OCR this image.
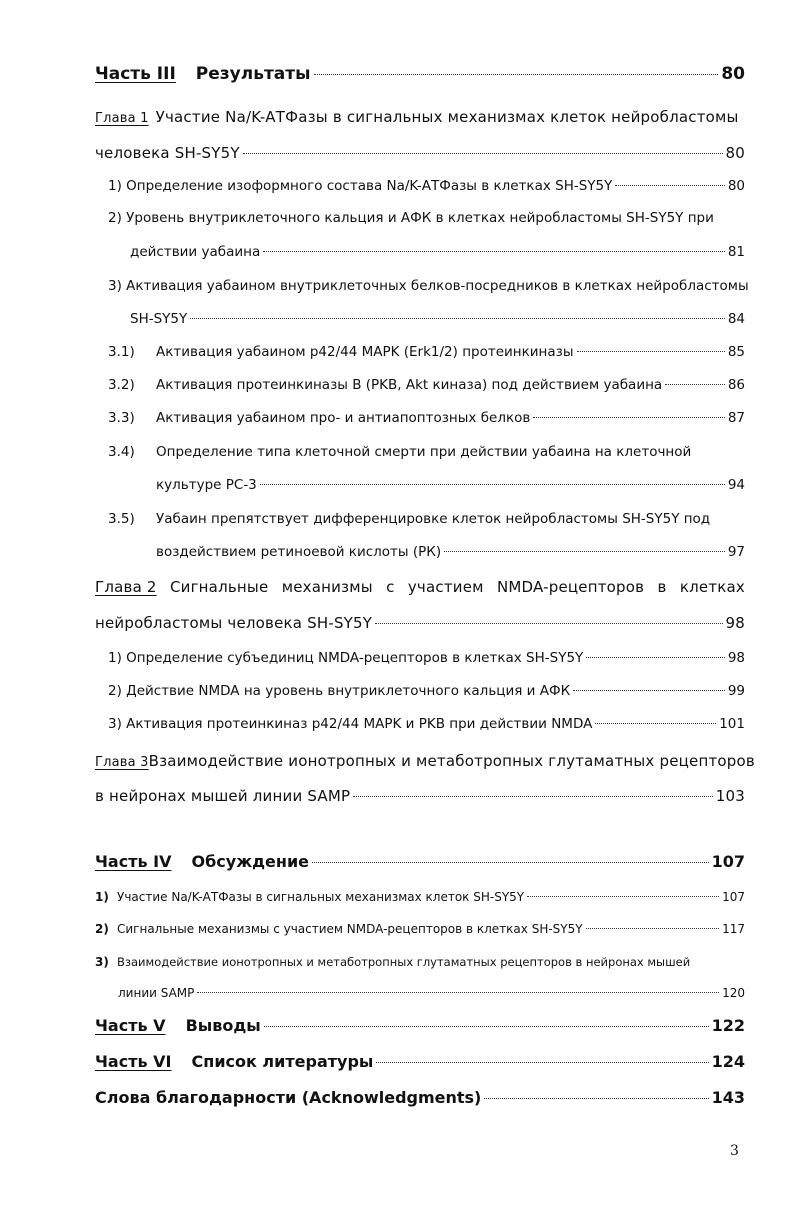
Часть III Результаты	80
Глава 1 Участие Na/K-АТФазы в сигнальных механизмах клеток нейробластомы
человека SH-SY5Y	80
1) Определение изоформного состава Na/K-АТФазы в клетках SH-SY5Y	80
2) Уровень внутриклеточного кальция и АФК в клетках нейробластомы SH-SY5Y при
действии уабаина	81
3) Активация уабаином внутриклеточных белков-посредников в клетках нейробластомы
SH-SY5Y	84
3.1)	Активация уабаином p42/44 MAPK (Erk1/2) протеинкиназы	85
3.2)	Активация протеинкиназы B (PKB, Akt киназа) под действием уабаина	86
3.3)	Активация уабаином про- и антиапоптозных белков	87
3.4)	Определение типа клеточной смерти при действии уабаина на клеточной
культуре PC-3	94
3.5)	Уабаин препятствует дифференцировке клеток нейробластомы SH-SY5Y под
воздействием ретиноевой кислоты (РК)	97
Глава 2 Сигнальные механизмы с участием NMDA-рецепторов в клетках
нейробластомы человека SH-SY5Y	98
1) Определение субъединиц NMDA-рецепторов в клетках SH-SY5Y	98
2) Действие NMDA на уровень внутриклеточного кальция и АФК	99
3) Активация протеинкиназ p42/44 MAPK и PKB при действии NMDA	101
Глава 3 Взаимодействие ионотропных и метаботропных глутаматных рецепторов
в нейронах мышей линии SAMP	103
Часть IV Обсуждение	107
1) Участие Na/K-АТФазы в сигнальных механизмах клеток SH-SY5Y	107
2) Сигнальные механизмы с участием NMDA-рецепторов в клетках SH-SY5Y	117
3) Взаимодействие ионотропных и метаботропных глутаматных рецепторов в нейронах мышей
линии SAMP	120
Часть V Выводы	122
Часть VI Список литературы	124
Слова благодарности (Acknowledgments)	143
3
